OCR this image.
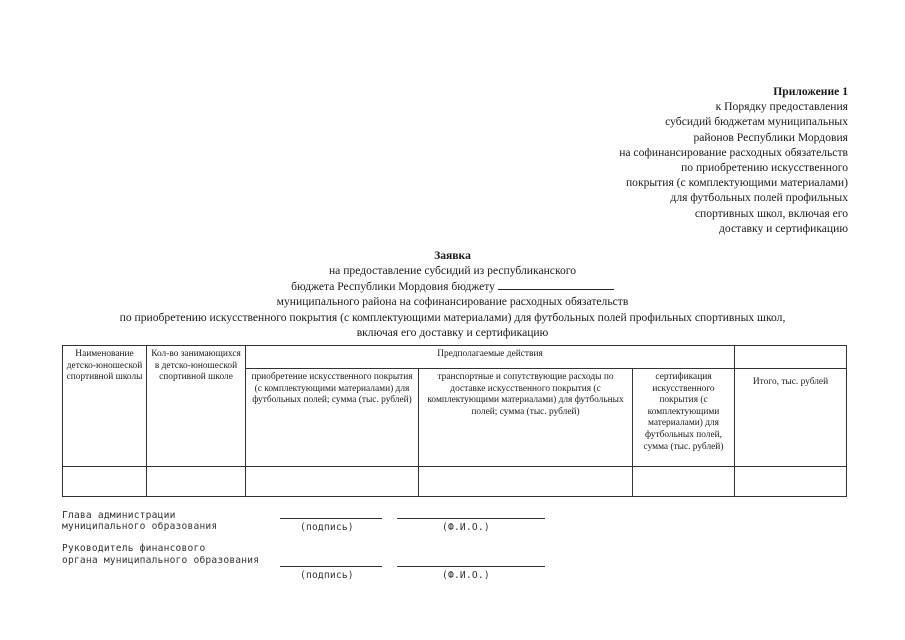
Приложение 1
к Порядку предоставления
субсидий бюджетам муниципальных
районов Республики Мордовия
на софинансирование расходных обязательств
по приобретению искусственного
покрытия (с комплектующими материалами)
для футбольных полей профильных
спортивных школ, включая его
доставку и сертификацию
Заявка
на предоставление субсидий из республиканского
бюджета Республики Мордовия бюджету
муниципального района на софинансирование расходных обязательств
по приобретению искусственного покрытия (с комплектующими материалами) для футбольных полей профильных спортивных школ,
включая его доставку и сертификацию
Наименование детско-юношеской спортивной школы	Кол-во занимающихся в детско-юношеской спортивной школе	Предполагаемые действия			
		приобретение искусственного покрытия (с комплектующими материалами) для футбольных полей; сумма (тыс. рублей)	транспортные и сопутствующие расходы по доставке искусственного покрытия (с комплектующими материалами) для футбольных полей; сумма (тыс. рублей)	сертификация искусственного покрытия (с комплектующими материалами) для футбольных полей, сумма (тыс. рублей)	Итого, тыс. рублей

Глава администрации
муниципального образования	(подпись)	(Ф.И.О.)
Руководитель финансового
органа муниципального образования
(подпись)	(Ф.И.О.)
